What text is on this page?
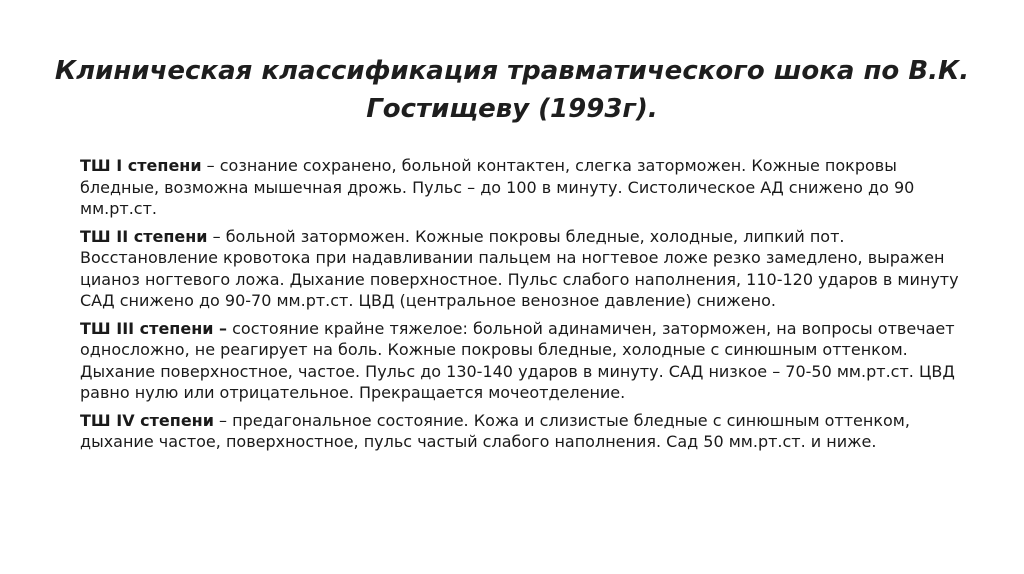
Клиническая классификация травматического шока по В.К.
Гостищеву (1993г).

ТШ I степени – сознание сохранено, больной контактен, слегка заторможен. Кожные покровы бледные, возможна мышечная дрожь. Пульс – до 100 в минуту. Систолическое АД снижено до 90 мм.рт.ст.

ТШ II степени – больной заторможен. Кожные покровы бледные, холодные, липкий пот. Восстановление кровотока при надавливании пальцем на ногтевое ложе резко замедлено, выражен цианоз ногтевого ложа. Дыхание поверхностное. Пульс слабого наполнения, 110-120 ударов в минуту САД снижено до 90-70 мм.рт.ст. ЦВД (центральное венозное давление) снижено.

ТШ III степени – состояние крайне тяжелое: больной адинамичен, заторможен, на вопросы отвечает односложно, не реагирует на боль. Кожные покровы бледные, холодные с синюшным оттенком. Дыхание поверхностное, частое. Пульс до 130-140 ударов в минуту. САД низкое – 70-50 мм.рт.ст. ЦВД равно нулю или отрицательное. Прекращается мочеотделение.

ТШ IV степени – предагональное состояние. Кожа и слизистые бледные с синюшным оттенком, дыхание частое, поверхностное, пульс частый слабого наполнения. Сад 50 мм.рт.ст. и ниже.
